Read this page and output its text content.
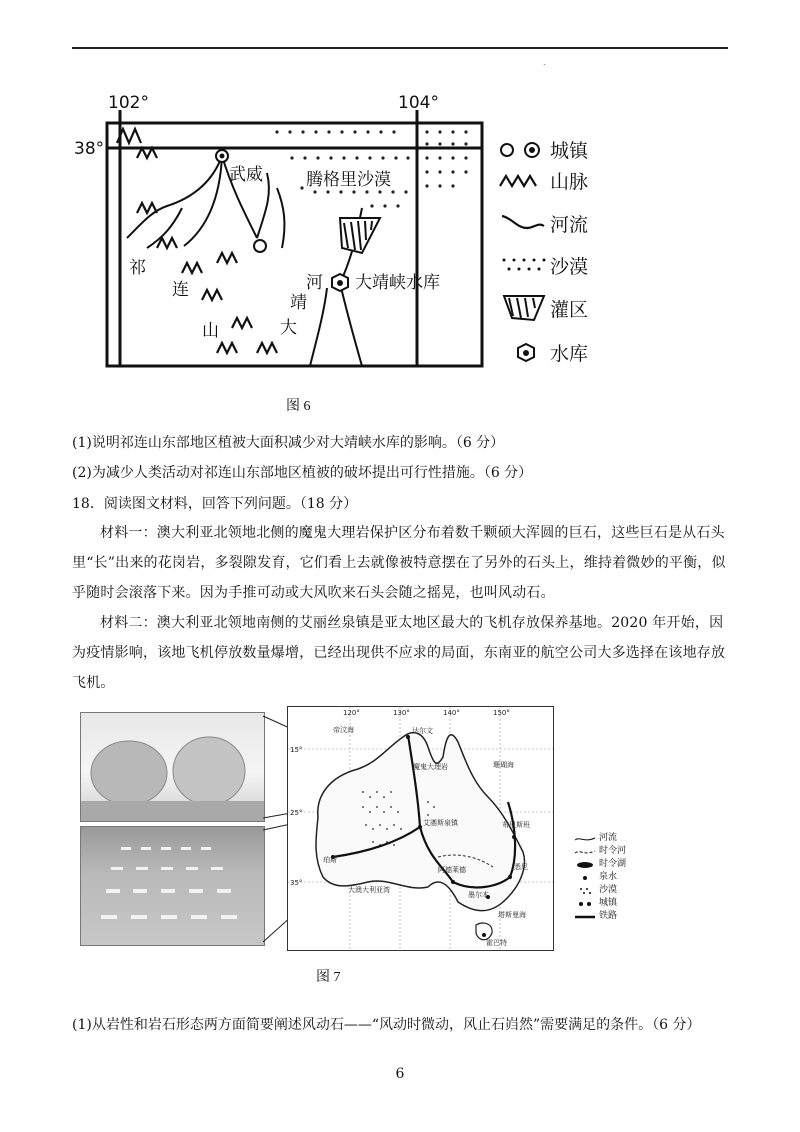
.
102°	104°
38°
武威	腾格里沙漠
祁
连
山	大
靖
河 大靖峡水库
城镇
山脉
河流
沙漠
灌区
水库
图 6
(1)说明祁连山东部地区植被大面积减少对大靖峡水库的影响。（6 分）
(2)为减少人类活动对祁连山东部地区植被的破坏提出可行性措施。（6 分）
18．阅读图文材料，回答下列问题。（18 分）
材料一：澳大利亚北领地北侧的魔鬼大理岩保护区分布着数千颗硕大浑圆的巨石，这些巨石是从石头里“长”出来的花岗岩，多裂隙发育，它们看上去就像被特意摆在了另外的石头上，维持着微妙的平衡，似乎随时会滚落下来。因为手推可动或大风吹来石头会随之摇晃，也叫风动石。
材料二：澳大利亚北领地南侧的艾丽丝泉镇是亚太地区最大的飞机存放保养基地。2020 年开始，因为疫情影响，该地飞机停放数量爆增，已经出现供不应求的局面，东南亚的航空公司大多选择在该地存放飞机。
120°	130°	140°	150°
15°
25°
35°
帝汶海
珊瑚海
大澳大利亚湾
塔斯曼海
达尔文
魔鬼大理岩
艾丽斯泉镇	布里斯班
珀斯
阿德莱德	悉尼
墨尔本
霍巴特
河流
时令河
时令湖
泉水
沙漠
城镇
铁路
图 7
(1)从岩性和岩石形态两方面简要阐述风动石——“风动时微动，风止石岿然”需要满足的条件。（6 分）
6
